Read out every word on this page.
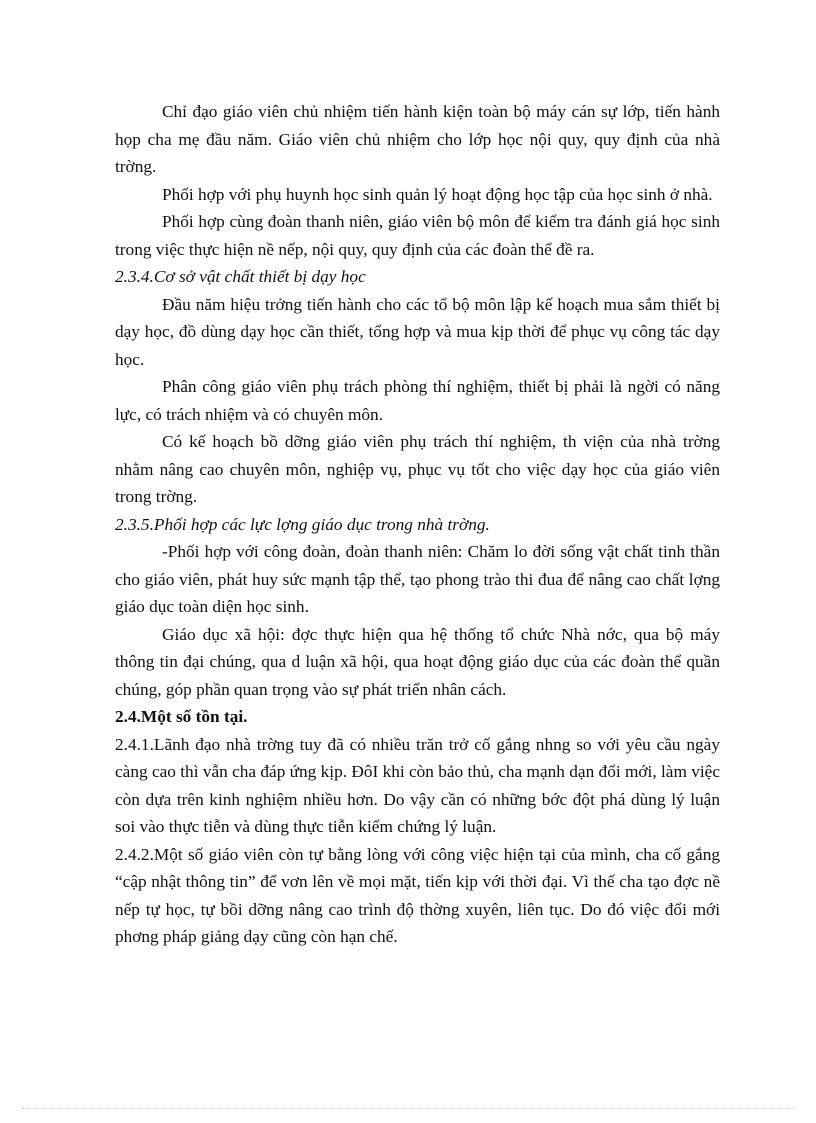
Chỉ đạo giáo viên chủ nhiệm tiến hành kiện toàn bộ máy cán sự lớp, tiến hành họp cha mẹ đầu năm. Giáo viên chủ nhiệm cho lớp học nội quy, quy định của nhà trờng.

Phối hợp với phụ huynh học sinh quản lý hoạt động học tập của học sinh ở nhà.

Phối hợp cùng đoàn thanh niên, giáo viên bộ môn để kiểm tra đánh giá học sinh trong việc thực hiện nề nếp, nội quy, quy định của các đoàn thể đề ra.

2.3.4.Cơ sở vật chất thiết bị dạy học

Đầu năm hiệu trởng tiến hành cho các tổ bộ môn lập kế hoạch mua sắm thiết bị dạy học, đồ dùng dạy học cần thiết, tổng hợp và mua kịp thời để phục vụ công tác dạy học.

Phân công giáo viên phụ trách phòng thí nghiệm, thiết bị phải là ngời có năng lực, có trách nhiệm và có chuyên môn.

Có kế hoạch bồ dỡng giáo viên phụ trách thí nghiệm, th viện của nhà trờng nhằm nâng cao chuyên môn, nghiệp vụ, phục vụ tốt cho việc dạy học của giáo viên trong trờng.

2.3.5.Phối hợp các lực lợng giáo dục trong nhà trờng.

-Phối hợp với công đoàn, đoàn thanh niên: Chăm lo đời sống vật chất tinh thần cho giáo viên, phát huy sức mạnh tập thể, tạo phong trào thi đua để nâng cao chất lợng giáo dục toàn diện học sinh.

Giáo dục xã hội: đợc thực hiện qua hệ thống tổ chức Nhà nớc, qua bộ máy thông tin đại chúng, qua d luận xã hội, qua hoạt động giáo dục của các đoàn thể quần chúng, góp phần quan trọng vào sự phát triển nhân cách.

2.4.Một số tồn tại.

2.4.1.Lãnh đạo nhà trờng tuy đã có nhiều trăn trở cố gắng nhng so với yêu cầu ngày càng cao thì vẫn cha đáp ứng kịp. ĐôI khi còn bảo thủ, cha mạnh dạn đổi mới, làm việc còn dựa trên kinh nghiệm nhiều hơn. Do vậy cần có những bớc đột phá dùng lý luận soi vào thực tiễn và dùng thực tiễn kiểm chứng lý luận.

2.4.2.Một số giáo viên còn tự bằng lòng với công việc hiện tại của mình, cha cố gắng “cập nhật thông tin” để vơn lên về mọi mặt, tiến kịp với thời đại. Vì thế cha tạo đợc nề nếp tự học, tự bồi dỡng nâng cao trình độ thờng xuyên, liên tục. Do đó việc đổi mới phơng pháp giảng dạy cũng còn hạn chế.
